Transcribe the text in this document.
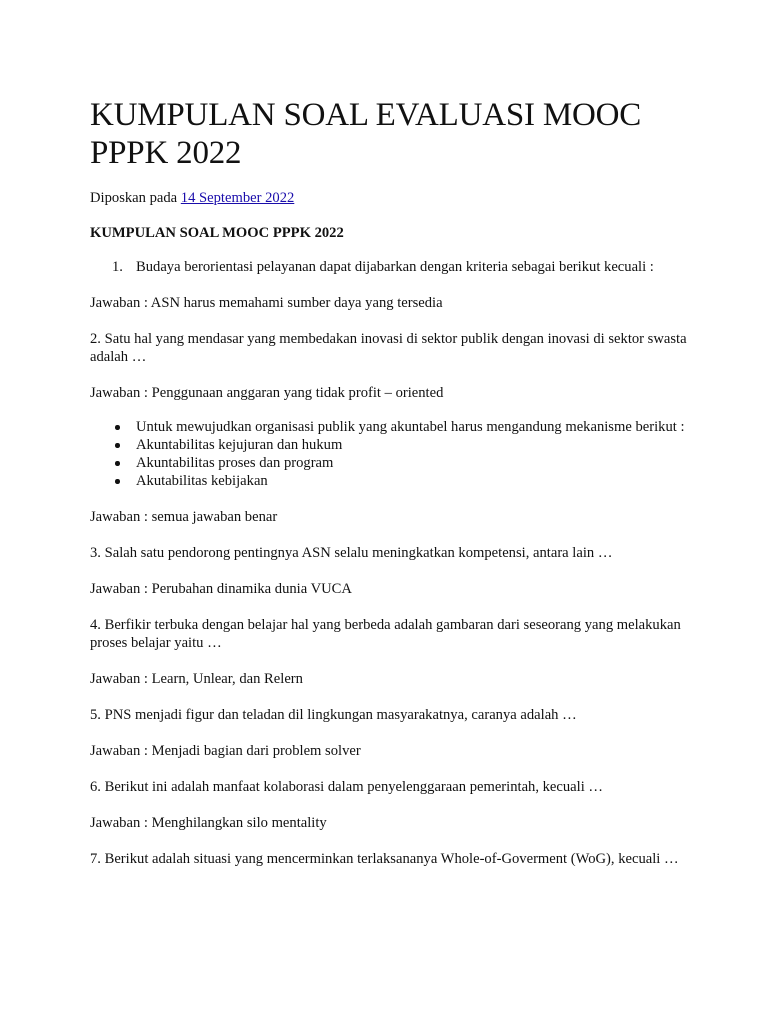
KUMPULAN SOAL EVALUASI MOOC PPPK 2022
Diposkan pada 14 September 2022
KUMPULAN SOAL MOOC PPPK 2022
1. Budaya berorientasi pelayanan dapat dijabarkan dengan kriteria sebagai berikut kecuali :

Jawaban : ASN harus memahami sumber daya yang tersedia

2. Satu hal yang mendasar yang membedakan inovasi di sektor publik dengan inovasi di sektor swasta adalah …

Jawaban : Penggunaan anggaran yang tidak profit – oriented

Untuk mewujudkan organisasi publik yang akuntabel harus mengandung mekanisme berikut :
Akuntabilitas kejujuran dan hukum
Akuntabilitas proses dan program
Akutabilitas kebijakan

Jawaban : semua jawaban benar

3. Salah satu pendorong pentingnya ASN selalu meningkatkan kompetensi, antara lain …

Jawaban : Perubahan dinamika dunia VUCA

4. Berfikir terbuka dengan belajar hal yang berbeda adalah gambaran dari seseorang yang melakukan proses belajar yaitu …

Jawaban : Learn, Unlear, dan Relern

5. PNS menjadi figur dan teladan dil lingkungan masyarakatnya, caranya adalah …

Jawaban : Menjadi bagian dari problem solver

6. Berikut ini adalah manfaat kolaborasi dalam penyelenggaraan pemerintah, kecuali …

Jawaban : Menghilangkan silo mentality

7. Berikut adalah situasi yang mencerminkan terlaksananya Whole-of-Goverment (WoG), kecuali …
